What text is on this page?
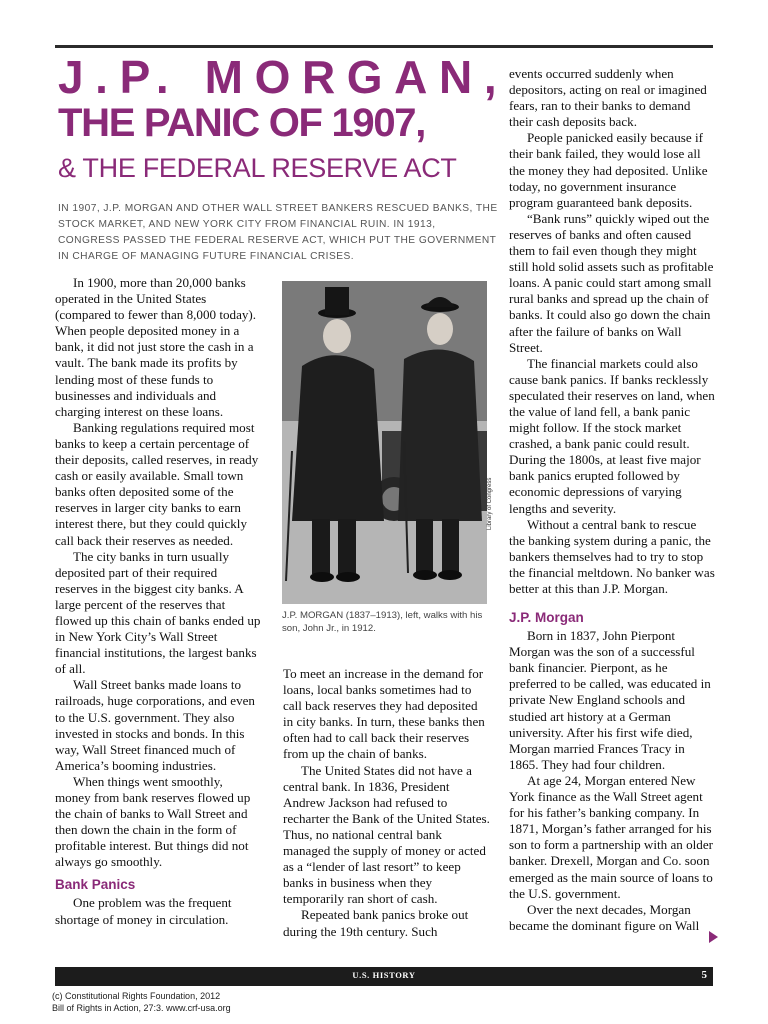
J.P. MORGAN,
THE PANIC OF 1907,
& THE FEDERAL RESERVE ACT

IN 1907, J.P. MORGAN AND OTHER WALL STREET BANKERS RESCUED BANKS, THE STOCK MARKET, AND NEW YORK CITY FROM FINANCIAL RUIN. IN 1913, CONGRESS PASSED THE FEDERAL RESERVE ACT, WHICH PUT THE GOVERNMENT IN CHARGE OF MANAGING FUTURE FINANCIAL CRISES.

In 1900, more than 20,000 banks operated in the United States (compared to fewer than 8,000 today). When people deposited money in a bank, it did not just store the cash in a vault. The bank made its profits by lending most of these funds to businesses and individuals and charging interest on these loans.

Banking regulations required most banks to keep a certain percentage of their deposits, called reserves, in ready cash or easily available. Small town banks often deposited some of the reserves in larger city banks to earn interest there, but they could quickly call back their reserves as needed.

The city banks in turn usually deposited part of their required reserves in the biggest city banks. A large percent of the reserves that flowed up this chain of banks ended up in New York City’s Wall Street financial institutions, the largest banks of all.

Wall Street banks made loans to railroads, huge corporations, and even to the U.S. government. They also invested in stocks and bonds. In this way, Wall Street financed much of America’s booming industries.

When things went smoothly, money from bank reserves flowed up the chain of banks to Wall Street and then down the chain in the form of profitable interest. But things did not always go smoothly.

Bank Panics

One problem was the frequent shortage of money in circulation.

Library of Congress

J.P. MORGAN (1837–1913), left, walks with his son, John Jr., in 1912.

To meet an increase in the demand for loans, local banks sometimes had to call back reserves they had deposited in city banks. In turn, these banks then often had to call back their reserves from up the chain of banks.

The United States did not have a central bank. In 1836, President Andrew Jackson had refused to recharter the Bank of the United States. Thus, no national central bank managed the supply of money or acted as a “lender of last resort” to keep banks in business when they temporarily ran short of cash.

Repeated bank panics broke out during the 19th century. Such

events occurred suddenly when depositors, acting on real or imagined fears, ran to their banks to demand their cash deposits back.

People panicked easily because if their bank failed, they would lose all the money they had deposited. Unlike today, no government insurance program guaranteed bank deposits.

“Bank runs” quickly wiped out the reserves of banks and often caused them to fail even though they might still hold solid assets such as profitable loans. A panic could start among small rural banks and spread up the chain of banks. It could also go down the chain after the failure of banks on Wall Street.

The financial markets could also cause bank panics. If banks recklessly speculated their reserves on land, when the value of land fell, a bank panic might follow. If the stock market crashed, a bank panic could result. During the 1800s, at least five major bank panics erupted followed by economic depressions of varying lengths and severity.

Without a central bank to rescue the banking system during a panic, the bankers themselves had to try to stop the financial meltdown. No banker was better at this than J.P. Morgan.

J.P. Morgan

Born in 1837, John Pierpont Morgan was the son of a successful bank financier. Pierpont, as he preferred to be called, was educated in private New England schools and studied art history at a German university. After his first wife died, Morgan married Frances Tracy in 1865. They had four children.

At age 24, Morgan entered New York finance as the Wall Street agent for his father’s banking company. In 1871, Morgan’s father arranged for his son to form a partnership with an older banker. Drexell, Morgan and Co. soon emerged as the main source of loans to the U.S. government.

Over the next decades, Morgan became the dominant figure on Wall

U.S. HISTORY	5
(c) Constitutional Rights Foundation, 2012
Bill of Rights in Action, 27:3. www.crf-usa.org
